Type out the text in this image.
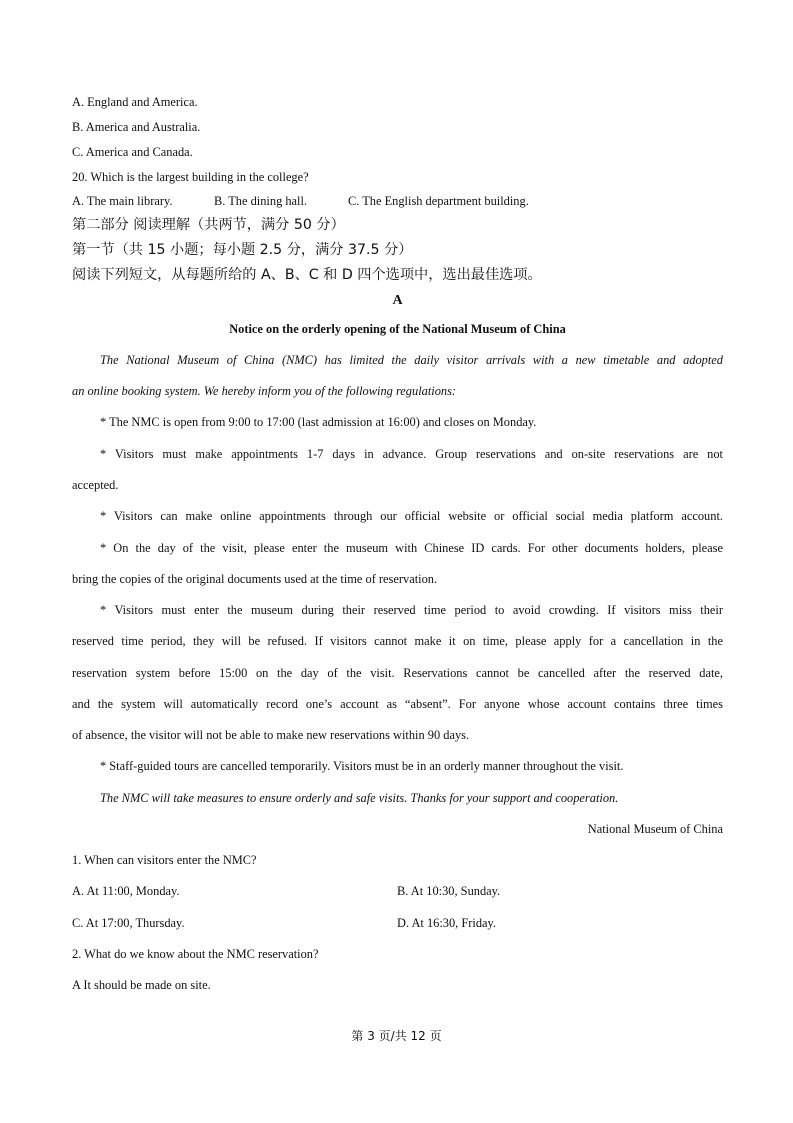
A. England and America.
B. America and Australia.
C. America and Canada.
20. Which is the largest building in the college?
A. The main library.	B. The dining hall.	C. The English department building.
第二部分 阅读理解（共两节，满分 50 分）
第一节（共 15 小题；每小题 2.5 分，满分 37.5 分）
阅读下列短文，从每题所给的 A、B、C 和 D 四个选项中，选出最佳选项。
A
Notice on the orderly opening of the National Museum of China
The National Museum of China (NMC) has limited the daily visitor arrivals with a new timetable and adopted
an online booking system. We hereby inform you of the following regulations:
* The NMC is open from 9:00 to 17:00 (last admission at 16:00) and closes on Monday.
* Visitors must make appointments 1-7 days in advance. Group reservations and on-site reservations are not
accepted.
* Visitors can make online appointments through our official website or official social media platform account.
* On the day of the visit, please enter the museum with Chinese ID cards. For other documents holders, please
bring the copies of the original documents used at the time of reservation.
* Visitors must enter the museum during their reserved time period to avoid crowding. If visitors miss their
reserved time period, they will be refused. If visitors cannot make it on time, please apply for a cancellation in the
reservation system before 15:00 on the day of the visit. Reservations cannot be cancelled after the reserved date,
and the system will automatically record one’s account as “absent”. For anyone whose account contains three times
of absence, the visitor will not be able to make new reservations within 90 days.
* Staff-guided tours are cancelled temporarily. Visitors must be in an orderly manner throughout the visit.
The NMC will take measures to ensure orderly and safe visits. Thanks for your support and cooperation.
National Museum of China
1. When can visitors enter the NMC?
A. At 11:00, Monday.	B. At 10:30, Sunday.
C. At 17:00, Thursday.	D. At 16:30, Friday.
2. What do we know about the NMC reservation?
A It should be made on site.
第 3 页/共 12 页
